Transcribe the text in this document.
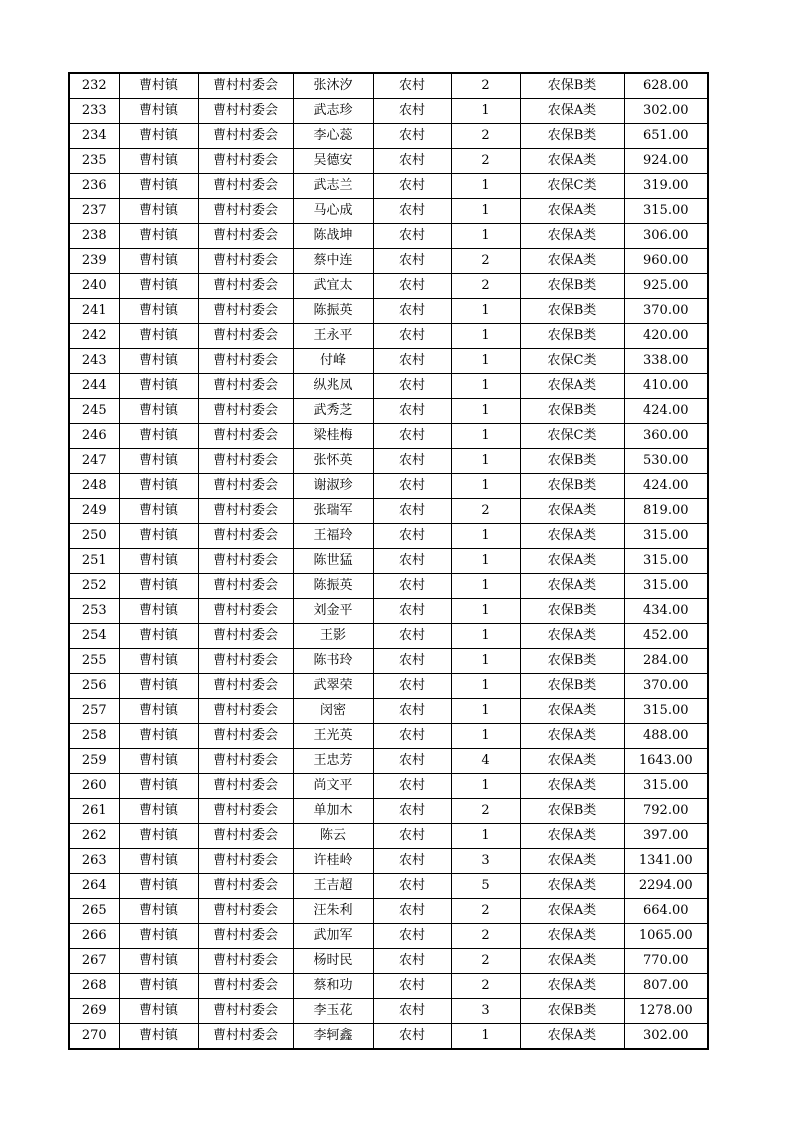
232	曹村镇	曹村村委会	张沐汐	农村	2	农保B类	628.00
233	曹村镇	曹村村委会	武志珍	农村	1	农保A类	302.00
234	曹村镇	曹村村委会	李心蕊	农村	2	农保B类	651.00
235	曹村镇	曹村村委会	吴德安	农村	2	农保A类	924.00
236	曹村镇	曹村村委会	武志兰	农村	1	农保C类	319.00
237	曹村镇	曹村村委会	马心成	农村	1	农保A类	315.00
238	曹村镇	曹村村委会	陈战坤	农村	1	农保A类	306.00
239	曹村镇	曹村村委会	蔡中连	农村	2	农保A类	960.00
240	曹村镇	曹村村委会	武宜太	农村	2	农保B类	925.00
241	曹村镇	曹村村委会	陈振英	农村	1	农保B类	370.00
242	曹村镇	曹村村委会	王永平	农村	1	农保B类	420.00
243	曹村镇	曹村村委会	付峰	农村	1	农保C类	338.00
244	曹村镇	曹村村委会	纵兆凤	农村	1	农保A类	410.00
245	曹村镇	曹村村委会	武秀芝	农村	1	农保B类	424.00
246	曹村镇	曹村村委会	梁桂梅	农村	1	农保C类	360.00
247	曹村镇	曹村村委会	张怀英	农村	1	农保B类	530.00
248	曹村镇	曹村村委会	谢淑珍	农村	1	农保B类	424.00
249	曹村镇	曹村村委会	张瑞军	农村	2	农保A类	819.00
250	曹村镇	曹村村委会	王福玲	农村	1	农保A类	315.00
251	曹村镇	曹村村委会	陈世猛	农村	1	农保A类	315.00
252	曹村镇	曹村村委会	陈振英	农村	1	农保A类	315.00
253	曹村镇	曹村村委会	刘金平	农村	1	农保B类	434.00
254	曹村镇	曹村村委会	王影	农村	1	农保A类	452.00
255	曹村镇	曹村村委会	陈书玲	农村	1	农保B类	284.00
256	曹村镇	曹村村委会	武翠荣	农村	1	农保B类	370.00
257	曹村镇	曹村村委会	闵密	农村	1	农保A类	315.00
258	曹村镇	曹村村委会	王光英	农村	1	农保A类	488.00
259	曹村镇	曹村村委会	王忠芳	农村	4	农保A类	1643.00
260	曹村镇	曹村村委会	尚文平	农村	1	农保A类	315.00
261	曹村镇	曹村村委会	单加木	农村	2	农保B类	792.00
262	曹村镇	曹村村委会	陈云	农村	1	农保A类	397.00
263	曹村镇	曹村村委会	许桂岭	农村	3	农保A类	1341.00
264	曹村镇	曹村村委会	王吉超	农村	5	农保A类	2294.00
265	曹村镇	曹村村委会	汪朱利	农村	2	农保A类	664.00
266	曹村镇	曹村村委会	武加军	农村	2	农保A类	1065.00
267	曹村镇	曹村村委会	杨时民	农村	2	农保A类	770.00
268	曹村镇	曹村村委会	蔡和功	农村	2	农保A类	807.00
269	曹村镇	曹村村委会	李玉花	农村	3	农保B类	1278.00
270	曹村镇	曹村村委会	李轲鑫	农村	1	农保A类	302.00
